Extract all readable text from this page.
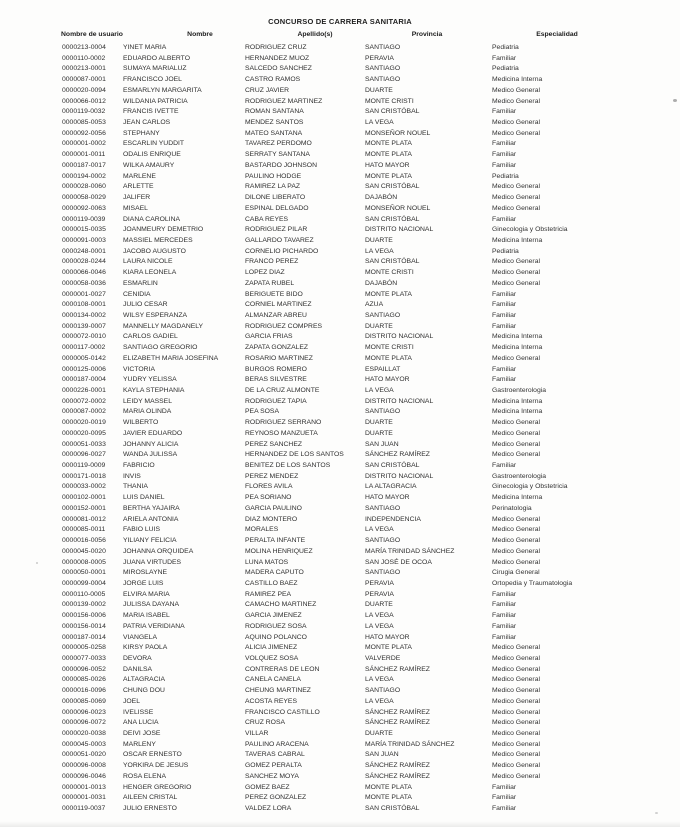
CONCURSO DE CARRERA SANITARIA
Nombre de usuario	Nombre	Apellido(s)	Provincia	Especialidad
0000213-0004	YINET MARIA	RODRIGUEZ CRUZ	SANTIAGO	Pediatria
0000110-0002	EDUARDO ALBERTO	HERNANDEZ MUOZ	PERAVIA	Familiar
0000213-0001	SUMAYA MARIALUZ	SALCEDO SANCHEZ	SANTIAGO	Pediatria
0000087-0001	FRANCISCO JOEL	CASTRO RAMOS	SANTIAGO	Medicina Interna
0000020-0094	ESMARLYN MARGARITA	CRUZ JAVIER	DUARTE	Medico General
0000066-0012	WILDANIA PATRICIA	RODRIGUEZ MARTINEZ	MONTE CRISTI	Medico General
0000119-0032	FRANCIS IVETTE	ROMAN SANTANA	SAN CRISTÓBAL	Familiar
0000085-0053	JEAN CARLOS	MENDEZ SANTOS	LA VEGA	Medico General
0000092-0056	STEPHANY	MATEO SANTANA	MONSEÑOR NOUEL	Medico General
0000001-0002	ESCARLIN YUDDIT	TAVAREZ PERDOMO	MONTE PLATA	Familiar
0000001-0011	ODALIS ENRIQUE	SERRATY SANTANA	MONTE PLATA	Familiar
0000187-0017	WILKA AMAURY	BASTARDO JOHNSON	HATO MAYOR	Familiar
0000194-0002	MARLENE	PAULINO HODGE	MONTE PLATA	Pediatria
0000028-0060	ARLETTE	RAMIREZ LA PAZ	SAN CRISTÓBAL	Medico General
0000058-0029	JALIFER	DILONE LIBERATO	DAJABÓN	Medico General
0000092-0063	MISAEL	ESPINAL DELGADO	MONSEÑOR NOUEL	Medico General
0000119-0039	DIANA CAROLINA	CABA REYES	SAN CRISTÓBAL	Familiar
0000015-0035	JOANMEURY DEMETRIO	RODRIGUEZ PILAR	DISTRITO NACIONAL	Ginecologia y Obstetricia
0000091-0003	MASSIEL MERCEDES	GALLARDO TAVAREZ	DUARTE	Medicina Interna
0000248-0001	JACOBO AUGUSTO	CORNELIO PICHARDO	LA VEGA	Pediatria
0000028-0244	LAURA NICOLE	FRANCO PEREZ	SAN CRISTÓBAL	Medico General
0000066-0046	KIARA LEONELA	LOPEZ DIAZ	MONTE CRISTI	Medico General
0000058-0036	ESMARLIN	ZAPATA RUBEL	DAJABÓN	Medico General
0000001-0027	CENIDIA	BERIGUETE BIDO	MONTE PLATA	Familiar
0000108-0001	JULIO CESAR	CORNIEL MARTINEZ	AZUA	Familiar
0000134-0002	WILSY ESPERANZA	ALMANZAR ABREU	SANTIAGO	Familiar
0000139-0007	MANNELLY MAGDANELY	RODRIGUEZ COMPRES	DUARTE	Familiar
0000072-0010	CARLOS GADIEL	GARCIA FRIAS	DISTRITO NACIONAL	Medicina Interna
0000117-0002	SANTIAGO GREGORIO	ZAPATA GONZALEZ	MONTE CRISTI	Medicina Interna
0000005-0142	ELIZABETH MARIA JOSEFINA	ROSARIO MARTINEZ	MONTE PLATA	Medico General
0000125-0006	VICTORIA	BURGOS ROMERO	ESPAILLAT	Familiar
0000187-0004	YUDRY YELISSA	BERAS SILVESTRE	HATO MAYOR	Familiar
0000226-0001	KAYLA STEPHANIA	DE LA CRUZ ALMONTE	LA VEGA	Gastroenterologia
0000072-0002	LEIDY MASSEL	RODRIGUEZ TAPIA	DISTRITO NACIONAL	Medicina Interna
0000087-0002	MARIA OLINDA	PEA SOSA	SANTIAGO	Medicina Interna
0000020-0019	WILBERTO	RODRIGUEZ SERRANO	DUARTE	Medico General
0000020-0095	JAVIER EDUARDO	REYNOSO MANZUETA	DUARTE	Medico General
0000051-0033	JOHANNY ALICIA	PEREZ SANCHEZ	SAN JUAN	Medico General
0000096-0027	WANDA JULISSA	HERNANDEZ DE LOS SANTOS	SÁNCHEZ RAMÍREZ	Medico General
0000119-0009	FABRICIO	BENITEZ DE LOS SANTOS	SAN CRISTÓBAL	Familiar
0000171-0018	INVIS	PEREZ MENDEZ	DISTRITO NACIONAL	Gastroenterologia
0000033-0002	THANIA	FLORES AVILA	LA ALTAGRACIA	Ginecologia y Obstetricia
0000102-0001	LUIS DANIEL	PEA SORIANO	HATO MAYOR	Medicina Interna
0000152-0001	BERTHA YAJAIRA	GARCIA PAULINO	SANTIAGO	Perinatologia
0000081-0012	ARIELA ANTONIA	DIAZ MONTERO	INDEPENDENCIA	Medico General
0000085-0011	FABIO LUIS	MORALES	LA VEGA	Medico General
0000016-0056	YILIANY FELICIA	PERALTA INFANTE	SANTIAGO	Medico General
0000045-0020	JOHANNA ORQUIDEA	MOLINA HENRIQUEZ	MARÍA TRINIDAD SÁNCHEZ	Medico General
0000008-0005	JUANA VIRTUDES	LUNA MATOS	SAN JOSÉ DE OCOA	Medico General
0000050-0001	MIROSLAYNE	MADERA CAPUTO	SANTIAGO	Cirugia General
0000099-0004	JORGE LUIS	CASTILLO BAEZ	PERAVIA	Ortopedia y Traumatologia
0000110-0005	ELVIRA MARIA	RAMIREZ PEA	PERAVIA	Familiar
0000139-0002	JULISSA DAYANA	CAMACHO MARTINEZ	DUARTE	Familiar
0000156-0006	MARIA ISABEL	GARCIA JIMENEZ	LA VEGA	Familiar
0000156-0014	PATRIA VERIDIANA	RODRIGUEZ SOSA	LA VEGA	Familiar
0000187-0014	VIANGELA	AQUINO POLANCO	HATO MAYOR	Familiar
0000005-0258	KIRSY PAOLA	ALICIA JIMENEZ	MONTE PLATA	Medico General
0000077-0033	DEVORA	VOLQUEZ SOSA	VALVERDE	Medico General
0000096-0052	DANILSA	CONTRERAS DE LEON	SÁNCHEZ RAMÍREZ	Medico General
0000085-0026	ALTAGRACIA	CANELA CANELA	LA VEGA	Medico General
0000016-0096	CHUNG DOU	CHEUNG MARTINEZ	SANTIAGO	Medico General
0000085-0069	JOEL	ACOSTA REYES	LA VEGA	Medico General
0000096-0023	IVELISSE	FRANCISCO CASTILLO	SÁNCHEZ RAMÍREZ	Medico General
0000096-0072	ANA LUCIA	CRUZ ROSA	SÁNCHEZ RAMÍREZ	Medico General
0000020-0038	DEIVI JOSE	VILLAR	DUARTE	Medico General
0000045-0003	MARLENY	PAULINO ARACENA	MARÍA TRINIDAD SÁNCHEZ	Medico General
0000051-0020	OSCAR ERNESTO	TAVERAS CABRAL	SAN JUAN	Medico General
0000096-0008	YORKIRA DE JESUS	GOMEZ PERALTA	SÁNCHEZ RAMÍREZ	Medico General
0000096-0046	ROSA ELENA	SANCHEZ MOYA	SÁNCHEZ RAMÍREZ	Medico General
0000001-0013	HENGER GREGORIO	GOMEZ BAEZ	MONTE PLATA	Familiar
0000001-0031	AILEEN CRISTAL	PEREZ GONZALEZ	MONTE PLATA	Familiar
0000119-0037	JULIO ERNESTO	VALDEZ LORA	SAN CRISTÓBAL	Familiar
